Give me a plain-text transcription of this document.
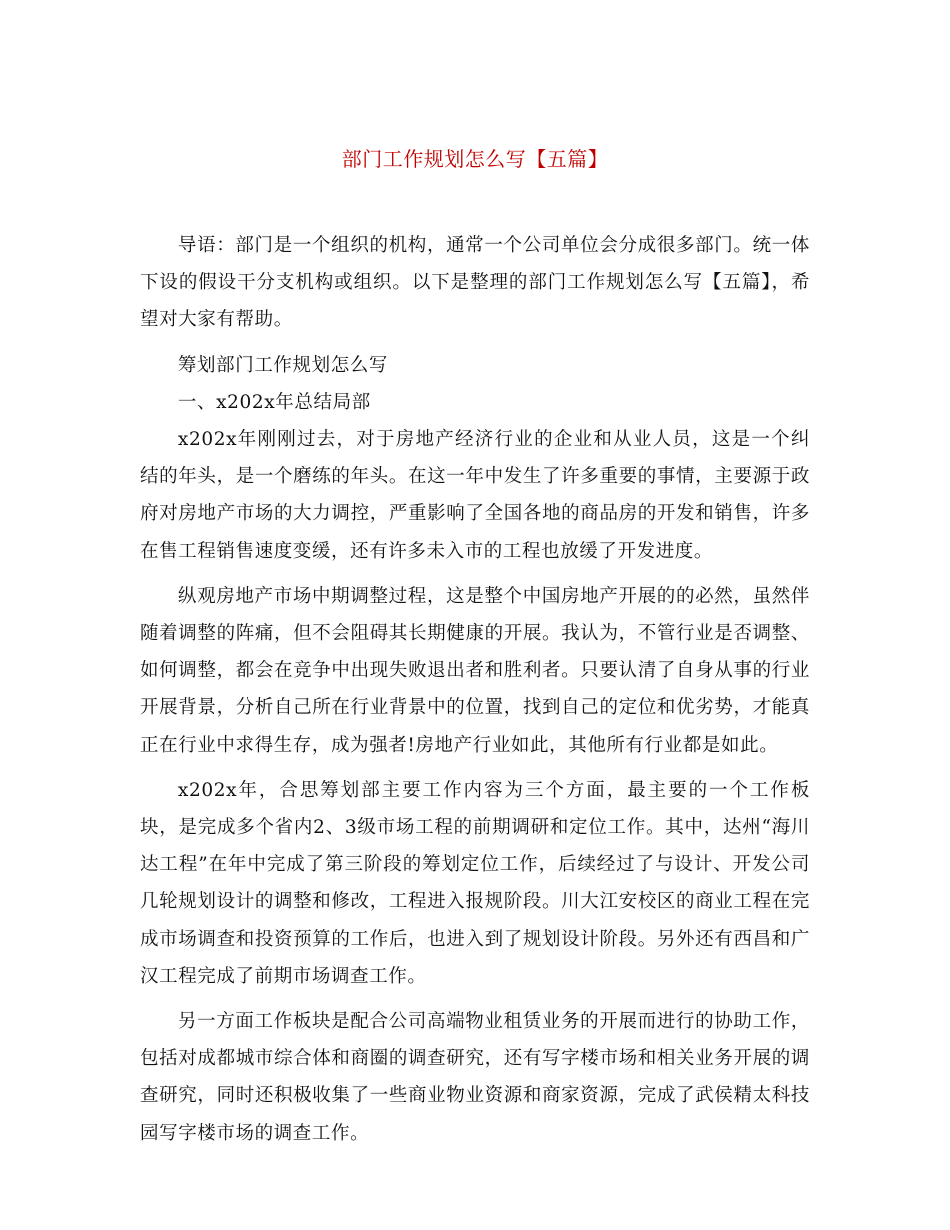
部门工作规划怎么写【五篇】

导语：部门是一个组织的机构，通常一个公司单位会分成很多部门。统一体下设的假设干分支机构或组织。以下是整理的部门工作规划怎么写【五篇】，希望对大家有帮助。

筹划部门工作规划怎么写

一、x202x年总结局部

x202x年刚刚过去，对于房地产经济行业的企业和从业人员，这是一个纠结的年头，是一个磨练的年头。在这一年中发生了许多重要的事情，主要源于政府对房地产市场的大力调控，严重影响了全国各地的商品房的开发和销售，许多在售工程销售速度变缓，还有许多未入市的工程也放缓了开发进度。

纵观房地产市场中期调整过程，这是整个中国房地产开展的的必然，虽然伴随着调整的阵痛，但不会阻碍其长期健康的开展。我认为，不管行业是否调整、如何调整，都会在竞争中出现失败退出者和胜利者。只要认清了自身从事的行业开展背景，分析自己所在行业背景中的位置，找到自己的定位和优劣势，才能真正在行业中求得生存，成为强者!房地产行业如此，其他所有行业都是如此。

x202x年，合思筹划部主要工作内容为三个方面，最主要的一个工作板块，是完成多个省内2、3级市场工程的前期调研和定位工作。其中，达州“海川达工程”在年中完成了第三阶段的筹划定位工作，后续经过了与设计、开发公司几轮规划设计的调整和修改，工程进入报规阶段。川大江安校区的商业工程在完成市场调查和投资预算的工作后，也进入到了规划设计阶段。另外还有西昌和广汉工程完成了前期市场调查工作。

另一方面工作板块是配合公司高端物业租赁业务的开展而进行的协助工作，包括对成都城市综合体和商圈的调查研究，还有写字楼市场和相关业务开展的调查研究，同时还积极收集了一些商业物业资源和商家资源，完成了武侯精太科技园写字楼市场的调查工作。
